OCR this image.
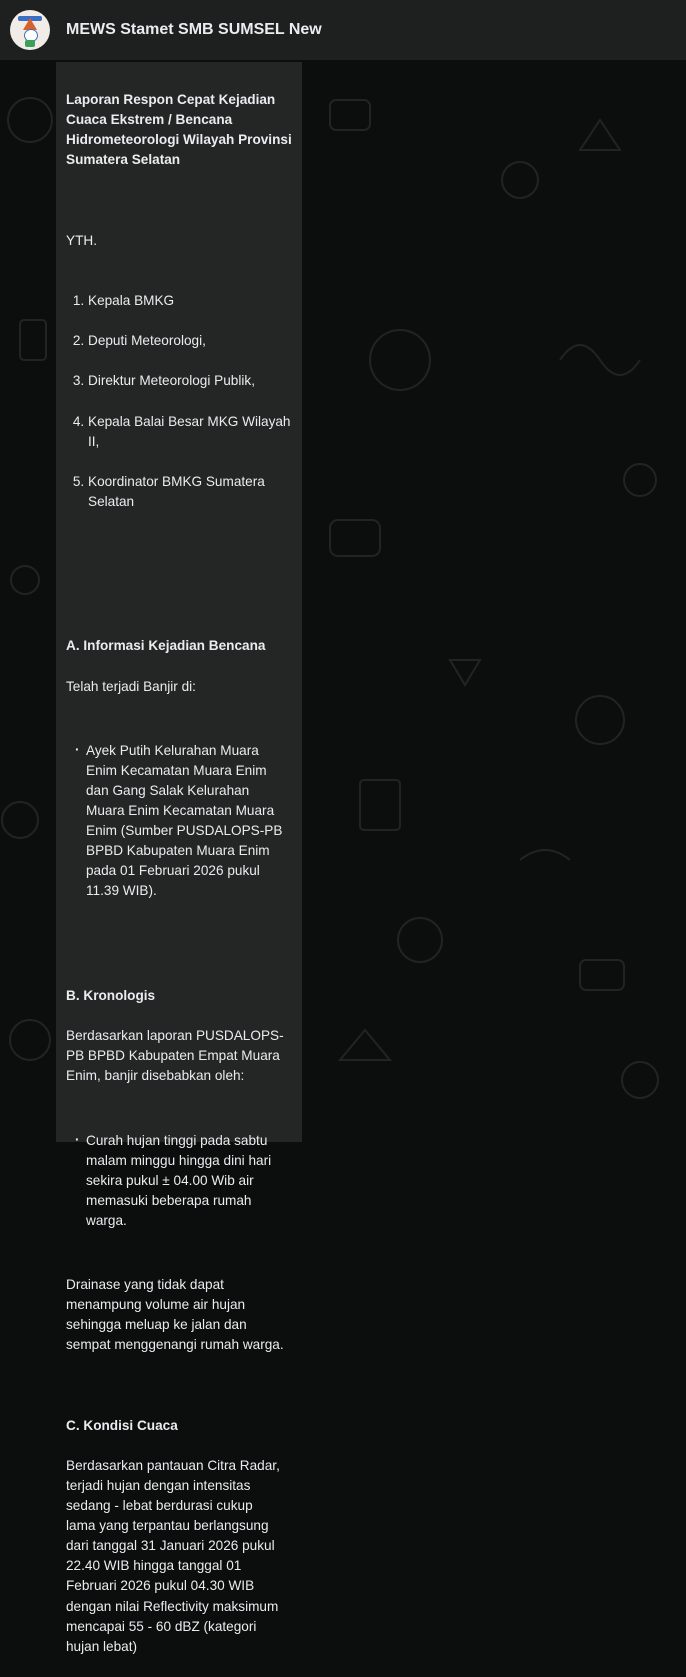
MEWS Stamet SMB SUMSEL New

Laporan Respon Cepat Kejadian
Cuaca Ekstrem / Bencana
Hidrometeorologi Wilayah Provinsi
Sumatera Selatan

YTH.

1. Kepala BMKG

2. Deputi Meteorologi,

3. Direktur Meteorologi Publik,

4. Kepala Balai Besar MKG Wilayah
II,

5. Koordinator BMKG Sumatera
Selatan

A. Informasi Kejadian Bencana

Telah terjadi Banjir di:

· Ayek Putih Kelurahan Muara
Enim Kecamatan Muara Enim
dan Gang Salak Kelurahan
Muara Enim Kecamatan Muara
Enim (Sumber PUSDALOPS-PB
BPBD Kabupaten Muara Enim
pada 01 Februari 2026 pukul
11.39 WIB).

B. Kronologis

Berdasarkan laporan PUSDALOPS-
PB BPBD Kabupaten Empat Muara
Enim, banjir disebabkan oleh:

· Curah hujan tinggi pada sabtu
malam minggu hingga dini hari
sekira pukul ± 04.00 Wib air
memasuki beberapa rumah
warga.

Drainase yang tidak dapat
menampung volume air hujan
sehingga meluap ke jalan dan
sempat menggenangi rumah warga.

C. Kondisi Cuaca

Berdasarkan pantauan Citra Radar,
terjadi hujan dengan intensitas
sedang - lebat berdurasi cukup
lama yang terpantau berlangsung
dari tanggal 31 Januari 2026 pukul
22.40 WIB hingga tanggal 01
Februari 2026 pukul 04.30 WIB
dengan nilai Reflectivity maksimum
mencapai 55 - 60 dBZ (kategori
hujan lebat)
